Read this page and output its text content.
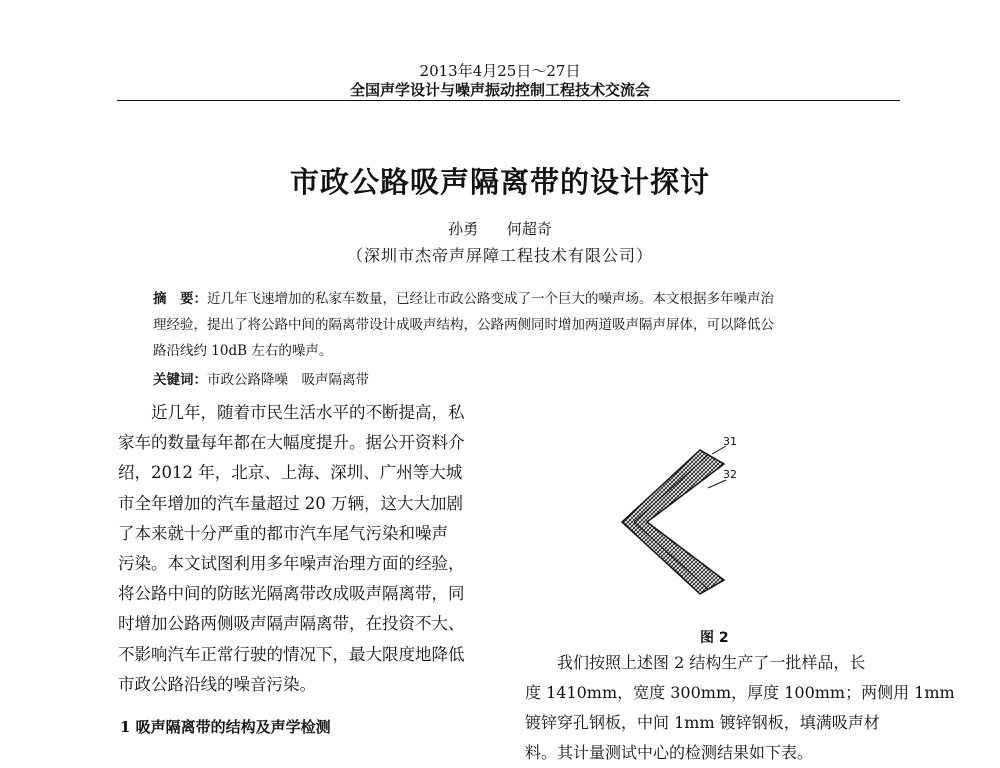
2013年4月25日～27日
全国声学设计与噪声振动控制工程技术交流会
市政公路吸声隔离带的设计探讨
孙勇 何超奇
（深圳市杰帝声屏障工程技术有限公司）
摘　要：近几年飞速增加的私家车数量，已经让市政公路变成了一个巨大的噪声场。本文根据多年噪声治
理经验，提出了将公路中间的隔离带设计成吸声结构，公路两侧同时增加两道吸声隔声屏体，可以降低公
路沿线约 10dB 左右的噪声。
关键词：市政公路降噪　吸声隔离带
　　近几年，随着市民生活水平的不断提高，私
家车的数量每年都在大幅度提升。据公开资料介
绍，2012 年，北京、上海、深圳、广州等大城
市全年增加的汽车量超过 20 万辆，这大大加剧
了本来就十分严重的都市汽车尾气污染和噪声
污染。本文试图利用多年噪声治理方面的经验，
将公路中间的防眩光隔离带改成吸声隔离带，同
时增加公路两侧吸声隔声隔离带，在投资不大、
不影响汽车正常行驶的情况下，最大限度地降低
市政公路沿线的噪音污染。
1 吸声隔离带的结构及声学检测
31
32
图 2
　　我们按照上述图 2 结构生产了一批样品，长
度 1410mm，宽度 300mm，厚度 100mm；两侧用 1mm
镀锌穿孔钢板，中间 1mm 镀锌钢板，填满吸声材
料。其计量测试中心的检测结果如下表。
